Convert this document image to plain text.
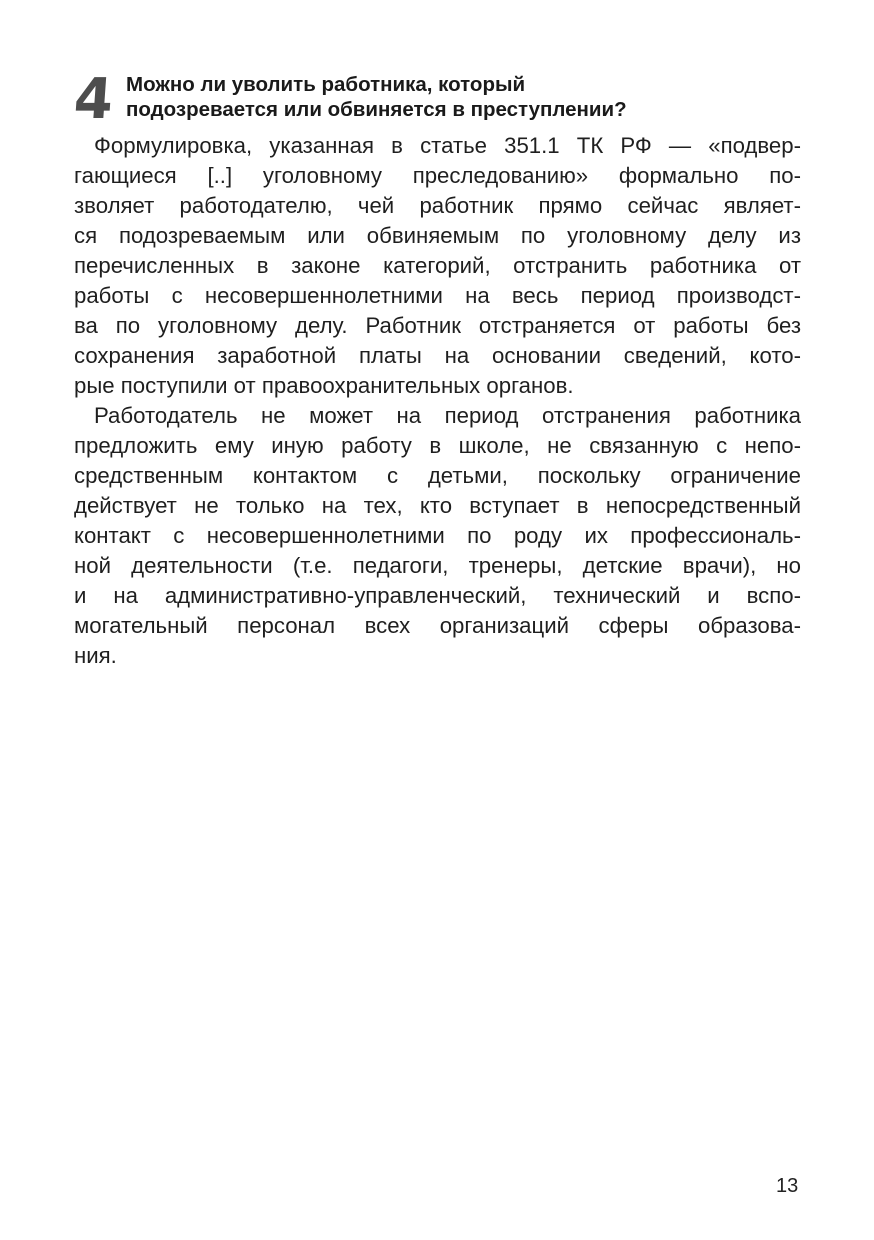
4 Можно ли уволить работника, который
подозревается или обвиняется в преступлении?
Формулировка, указанная в статье 351.1 ТК РФ — «подвер-
гающиеся [..] уголовному преследованию» формально по-
зволяет работодателю, чей работник прямо сейчас являет-
ся подозреваемым или обвиняемым по уголовному делу из
перечисленных в законе категорий, отстранить работника от
работы с несовершеннолетними на весь период производст-
ва по уголовному делу. Работник отстраняется от работы без
сохранения заработной платы на основании сведений, кото-
рые поступили от правоохранительных органов.
Работодатель не может на период отстранения работника
предложить ему иную работу в школе, не связанную с непо-
средственным контактом с детьми, поскольку ограничение
действует не только на тех, кто вступает в непосредственный
контакт с несовершеннолетними по роду их профессиональ-
ной деятельности (т.е. педагоги, тренеры, детские врачи), но
и на административно-управленческий, технический и вспо-
могательный персонал всех организаций сферы образова-
ния.
13
